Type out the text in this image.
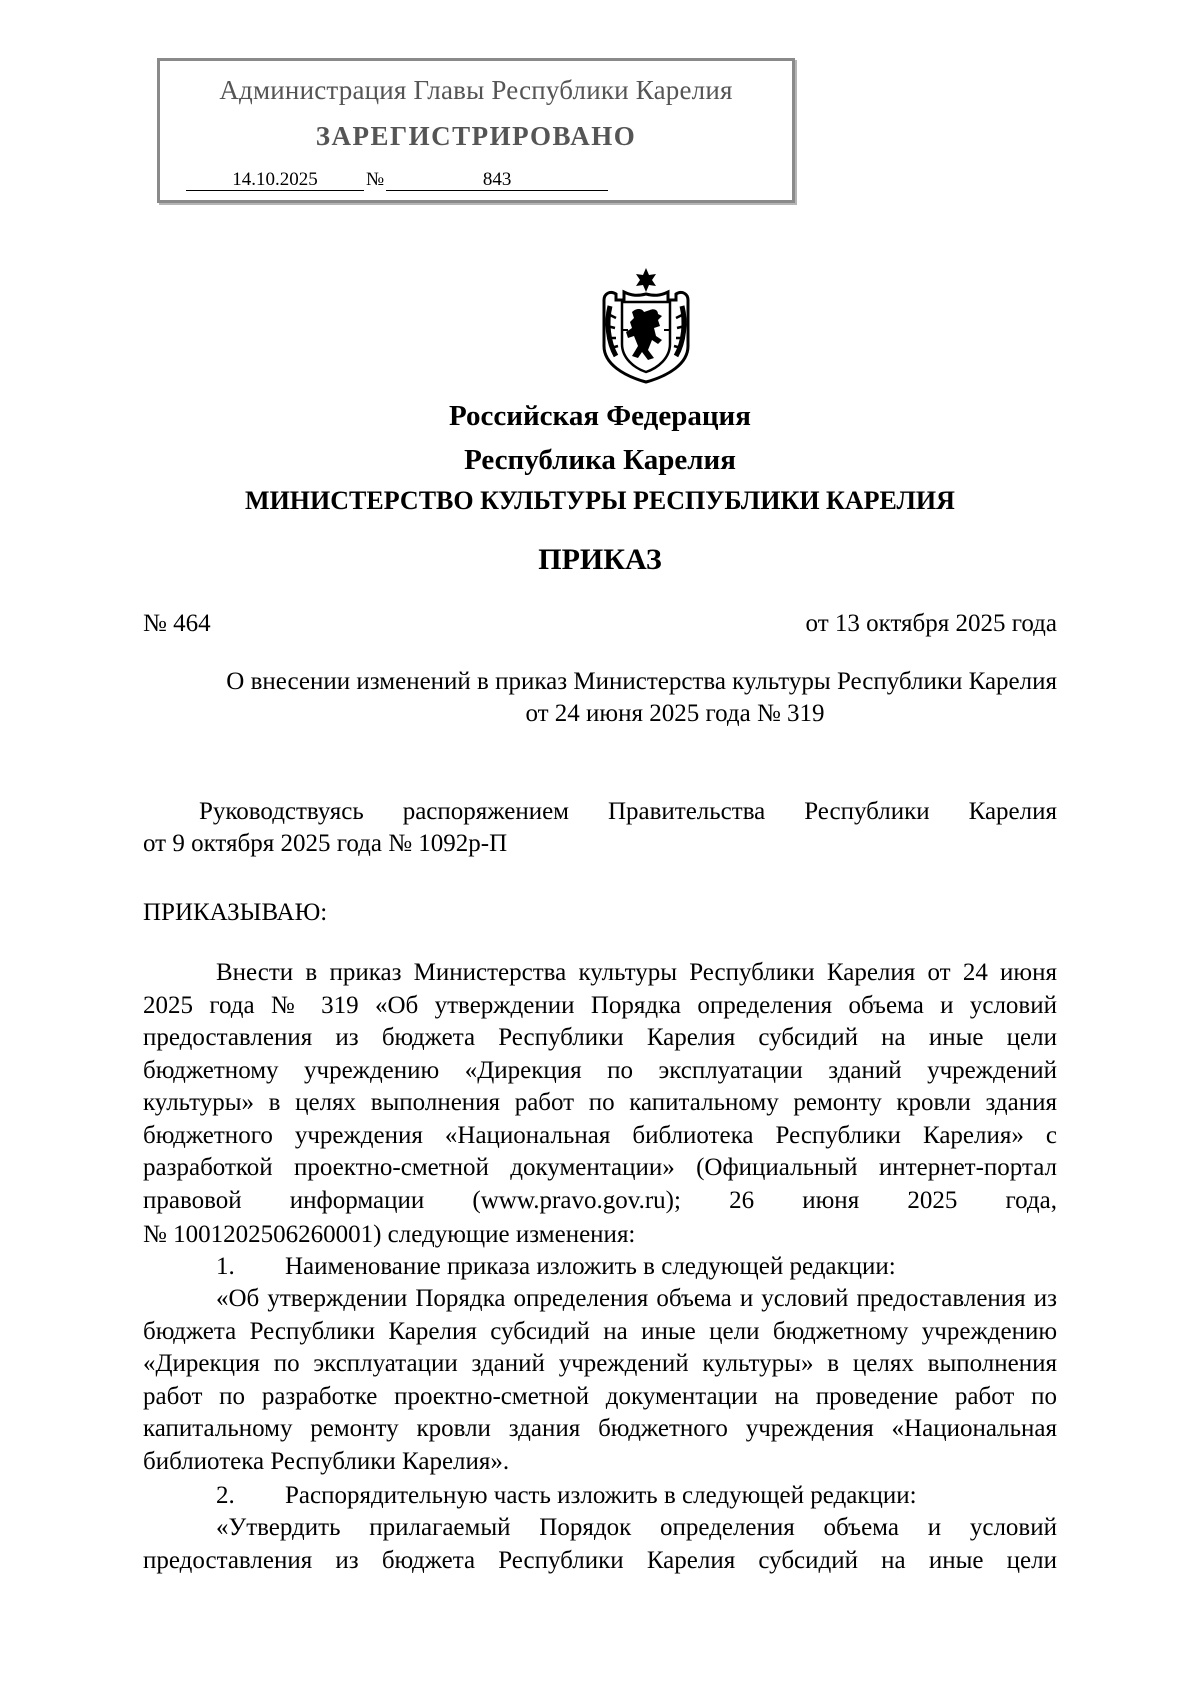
Администрация Главы Республики Карелия
ЗАРЕГИСТРИРОВАНО
14.10.2025	№	843
Российская Федерация
Республика Карелия
МИНИСТЕРСТВО КУЛЬТУРЫ РЕСПУБЛИКИ КАРЕЛИЯ
ПРИКАЗ
№ 464	от 13 октября 2025 года
О внесении изменений в приказ Министерства культуры Республики Карелия
от 24 июня 2025 года № 319
Руководствуясь распоряжением Правительства Республики Карелия
от 9 октября 2025 года № 1092р-П
ПРИКАЗЫВАЮ:
Внести в приказ Министерства культуры Республики Карелия от 24 июня 2025 года № 319 «Об утверждении Порядка определения объема и условий предоставления из бюджета Республики Карелия субсидий на иные цели бюджетному учреждению «Дирекция по эксплуатации зданий учреждений культуры» в целях выполнения работ по капитальному ремонту кровли здания бюджетного учреждения «Национальная библиотека Республики Карелия» с разработкой проектно-сметной документации» (Официальный интернет-портал правовой информации (www.pravo.gov.ru); 26 июня 2025 года,
№ 1001202506260001) следующие изменения:
1. Наименование приказа изложить в следующей редакции:
«Об утверждении Порядка определения объема и условий предоставления из бюджета Республики Карелия субсидий на иные цели бюджетному учреждению «Дирекция по эксплуатации зданий учреждений культуры» в целях выполнения работ по разработке проектно-сметной документации на проведение работ по капитальному ремонту кровли здания бюджетного учреждения «Национальная библиотека Республики Карелия».
2. Распорядительную часть изложить в следующей редакции:
«Утвердить прилагаемый Порядок определения объема и условий предоставления из бюджета Республики Карелия субсидий на иные цели
